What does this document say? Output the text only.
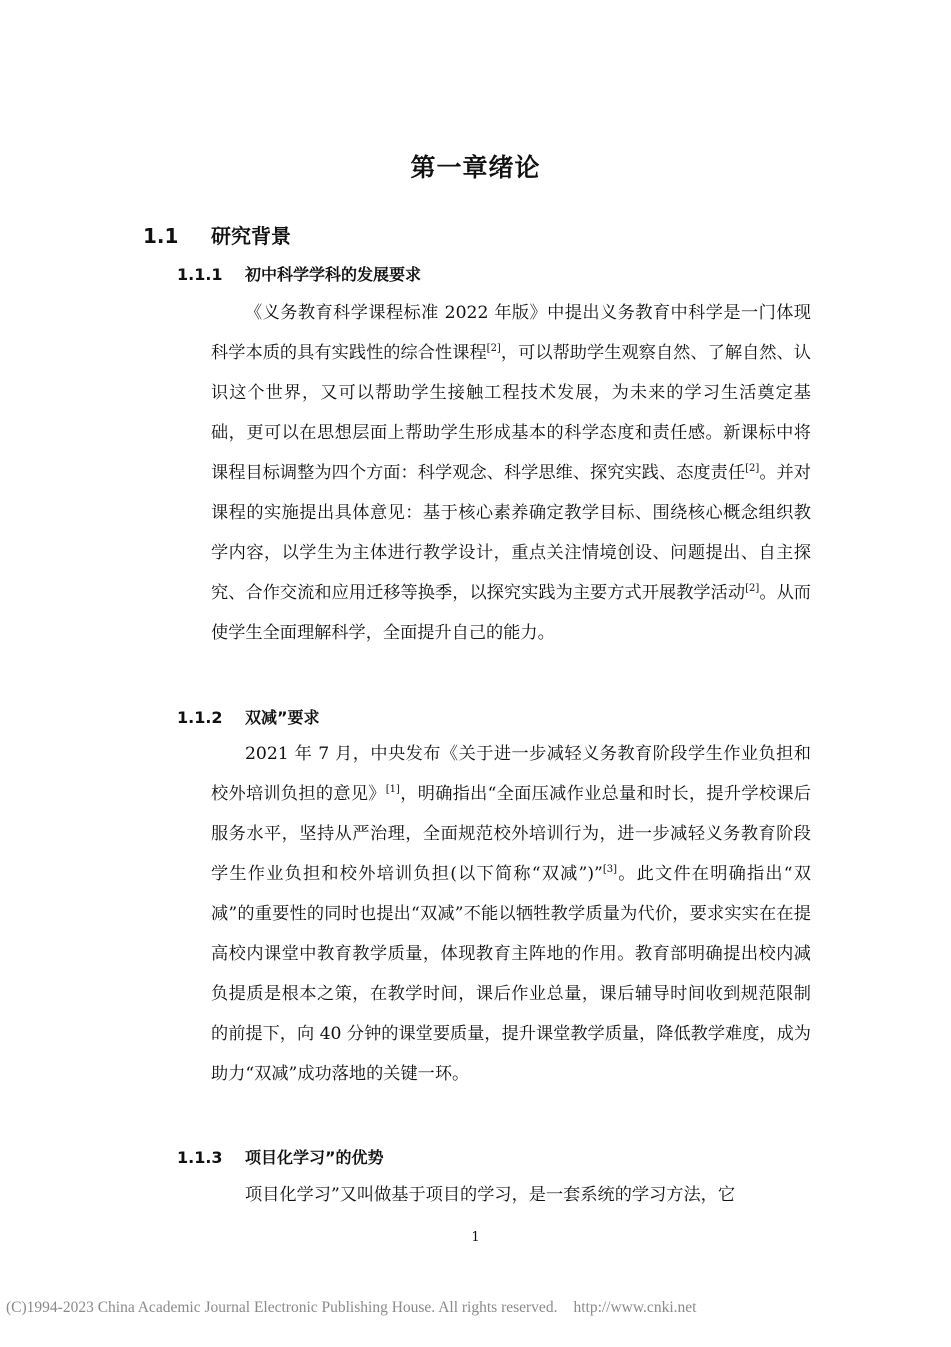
第一章绪论
1.1 研究背景
1.1.1 初中科学学科的发展要求

《义务教育科学课程标准 2022 年版》中提出义务教育中科学是一门体现科学本质的具有实践性的综合性课程[2]，可以帮助学生观察自然、了解自然、认识这个世界，又可以帮助学生接触工程技术发展，为未来的学习生活奠定基础，更可以在思想层面上帮助学生形成基本的科学态度和责任感。新课标中将课程目标调整为四个方面：科学观念、科学思维、探究实践、态度责任[2]。并对课程的实施提出具体意见：基于核心素养确定教学目标、围绕核心概念组织教学内容，以学生为主体进行教学设计，重点关注情境创设、问题提出、自主探究、合作交流和应用迁移等换季，以探究实践为主要方式开展教学活动[2]。从而使学生全面理解科学，全面提升自己的能力。

1.1.2 双减”要求

2021 年 7 月，中央发布《关于进一步减轻义务教育阶段学生作业负担和校外培训负担的意见》[1]，明确指出“全面压减作业总量和时长，提升学校课后服务水平，坚持从严治理，全面规范校外培训行为，进一步减轻义务教育阶段学生作业负担和校外培训负担(以下简称“双减”)”[3]。此文件在明确指出“双减”的重要性的同时也提出“双减”不能以牺牲教学质量为代价，要求实实在在提高校内课堂中教育教学质量，体现教育主阵地的作用。教育部明确提出校内减负提质是根本之策，在教学时间，课后作业总量，课后辅导时间收到规范限制的前提下，向 40 分钟的课堂要质量，提升课堂教学质量，降低教学难度，成为助力“双减”成功落地的关键一环。

1.1.3 项目化学习”的优势

项目化学习”又叫做基于项目的学习，是一套系统的学习方法，它

1
(C)1994-2023 China Academic Journal Electronic Publishing House. All rights reserved. http://www.cnki.net
